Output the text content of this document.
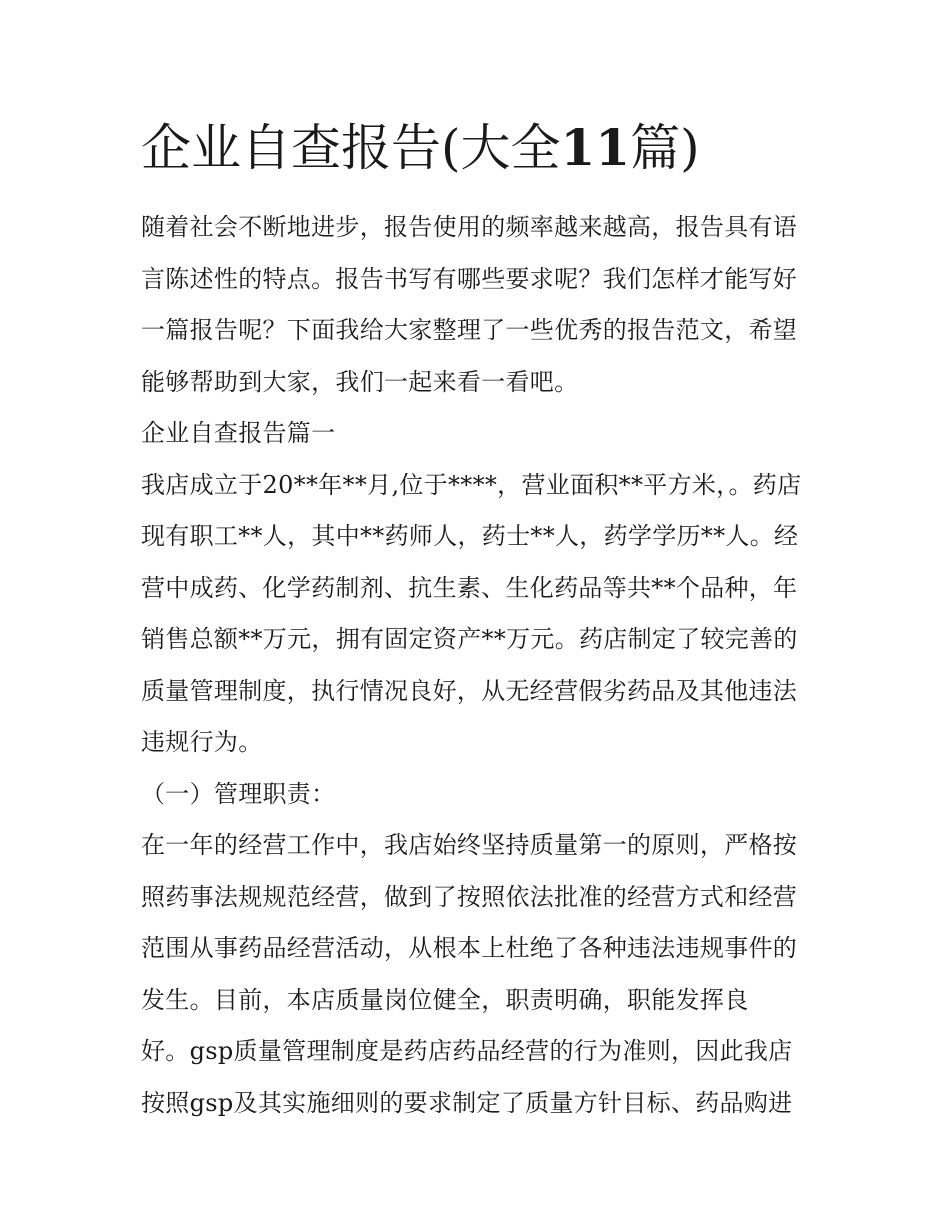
企业自查报告(大全11篇)
随着社会不断地进步，报告使用的频率越来越高，报告具有语
言陈述性的特点。报告书写有哪些要求呢？我们怎样才能写好
一篇报告呢？下面我给大家整理了一些优秀的报告范文，希望
能够帮助到大家，我们一起来看一看吧。
企业自查报告篇一
我店成立于20**年**月,位于****，营业面积**平方米，。药店
现有职工**人，其中**药师人，药士**人，药学学历**人。经
营中成药、化学药制剂、抗生素、生化药品等共**个品种，年
销售总额**万元，拥有固定资产**万元。药店制定了较完善的
质量管理制度，执行情况良好，从无经营假劣药品及其他违法
违规行为。
（一）管理职责：
在一年的经营工作中，我店始终坚持质量第一的原则，严格按
照药事法规规范经营，做到了按照依法批准的经营方式和经营
范围从事药品经营活动，从根本上杜绝了各种违法违规事件的
发生。目前，本店质量岗位健全，职责明确，职能发挥良
好。gsp质量管理制度是药店药品经营的行为准则，因此我店
按照gsp及其实施细则的要求制定了质量方针目标、药品购进
